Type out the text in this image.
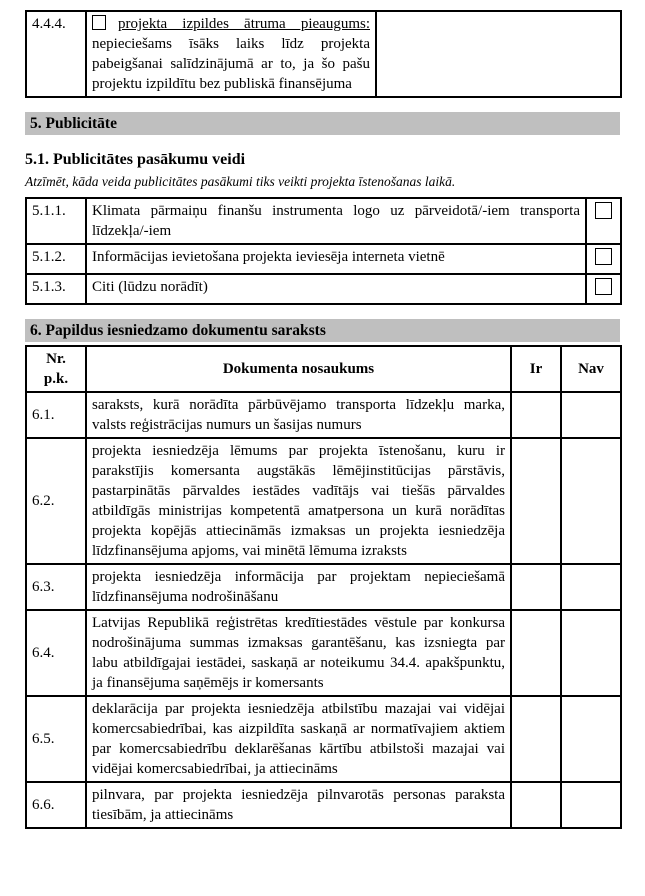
4.4.4.	projekta izpildes ātruma pieaugums: nepieciešams īsāks laiks līdz projekta pabeigšanai salīdzinājumā ar to, ja šo pašu projektu izpildītu bez publiskā finansējuma	
5. Publicitāte
5.1. Publicitātes pasākumu veidi
Atzīmēt, kāda veida publicitātes pasākumi tiks veikti projekta īstenošanas laikā.
5.1.1.	Klimata pārmaiņu finanšu instrumenta logo uz pārveidotā/-iem transporta līdzekļa/-iem	
5.1.2.	Informācijas ievietošana projekta ieviesēja interneta vietnē	
5.1.3.	Citi (lūdzu norādīt)	
6. Papildus iesniedzamo dokumentu saraksts
Nr.
p.k.	Dokumenta nosaukums	Ir	Nav
6.1.	saraksts, kurā norādīta pārbūvējamo transporta līdzekļu marka, valsts reģistrācijas numurs un šasijas numurs		
6.2.	projekta iesniedzēja lēmums par projekta īstenošanu, kuru ir parakstījis komersanta augstākās lēmējinstitūcijas pārstāvis, pastarpinātās pārvaldes iestādes vadītājs vai tiešās pārvaldes atbildīgās ministrijas kompetentā amatpersona un kurā norādītas projekta kopējās attiecināmās izmaksas un projekta iesniedzēja līdzfinansējuma apjoms, vai minētā lēmuma izraksts		
6.3.	projekta iesniedzēja informācija par projektam nepieciešamā līdzfinansējuma nodrošināšanu		
6.4.	Latvijas Republikā reģistrētas kredītiestādes vēstule par konkursa nodrošinājuma summas izmaksas garantēšanu, kas izsniegta par labu atbildīgajai iestādei, saskaņā ar noteikumu 34.4. apakšpunktu, ja finansējuma saņēmējs ir komersants		
6.5.	deklarācija par projekta iesniedzēja atbilstību mazajai vai vidējai komercsabiedrībai, kas aizpildīta saskaņā ar normatīvajiem aktiem par komercsabiedrību deklarēšanas kārtību atbilstoši mazajai vai vidējai komercsabiedrībai, ja attiecināms		
6.6.	pilnvara, par projekta iesniedzēja pilnvarotās personas paraksta tiesībām, ja attiecināms		
